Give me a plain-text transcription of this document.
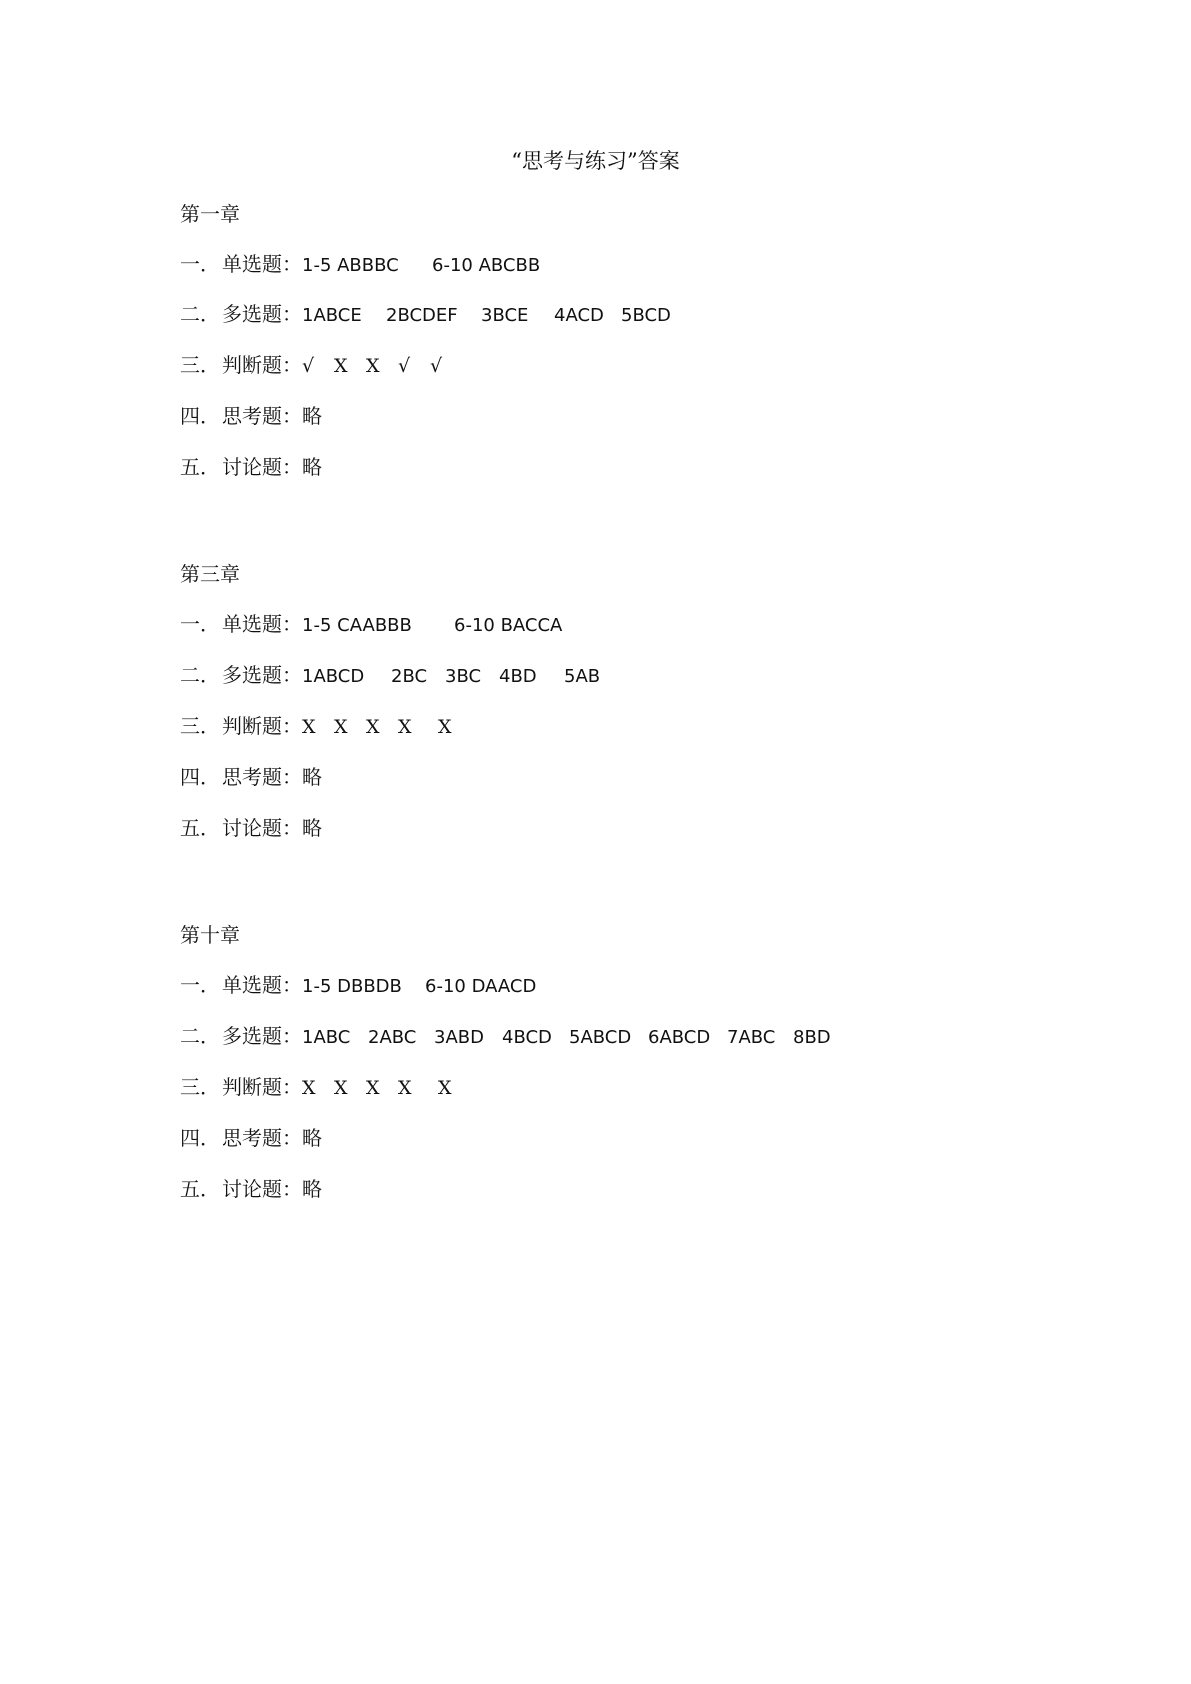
“思考与练习”答案
第一章
一 ． 单选题： 1-5 ABBBC	6-10 ABCBB
二 ． 多选题： 1ABCE	2BCDEF	3BCE	4ACD 5BCD
三 ． 判断题： √	X X √	√
四 ． 思考题： 略
五 ． 讨论题： 略
第三章
一 ． 单选题： 1-5 CAABBB	6-10 BACCA
二 ． 多选题： 1ABCD	2BC 3BC 4BD	5AB
三 ． 判断题： X X X X	X
四 ． 思考题： 略
五 ． 讨论题： 略
第十章
一 ． 单选题： 1-5 DBBDB	6-10 DAACD
二 ． 多选题： 1ABC 2ABC 3ABD	4BCD 5ABCD 6ABCD 7ABC 8BD
三 ． 判断题： X X X X	X
四 ． 思考题： 略
五 ． 讨论题： 略
